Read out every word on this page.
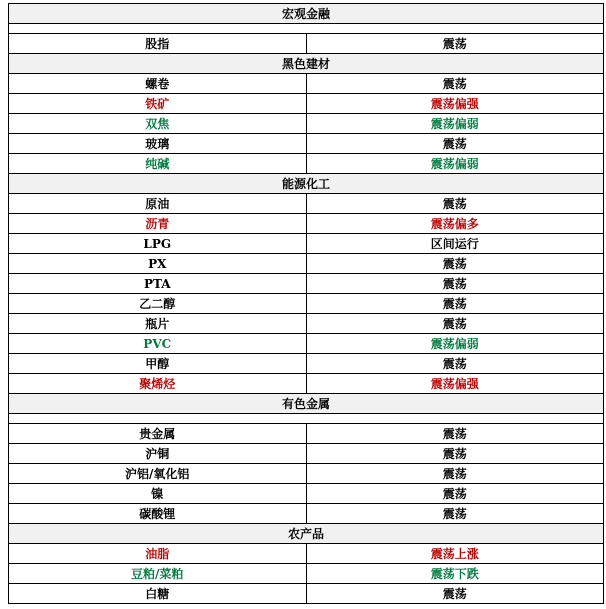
宏观金融	

股指	震荡
黑色建材	
螺卷	震荡
铁矿	震荡偏强
双焦	震荡偏弱
玻璃	震荡
纯碱	震荡偏弱
能源化工	
原油	震荡
沥青	震荡偏多
LPG	区间运行
PX	震荡
PTA	震荡
乙二醇	震荡
瓶片	震荡
PVC	震荡偏弱
甲醇	震荡
聚烯烃	震荡偏强
有色金属	

贵金属	震荡
沪铜	震荡
沪铝/氧化铝	震荡
镍	震荡
碳酸锂	震荡
农产品	
油脂	震荡上涨
豆粕/菜粕	震荡下跌
白糖	震荡
